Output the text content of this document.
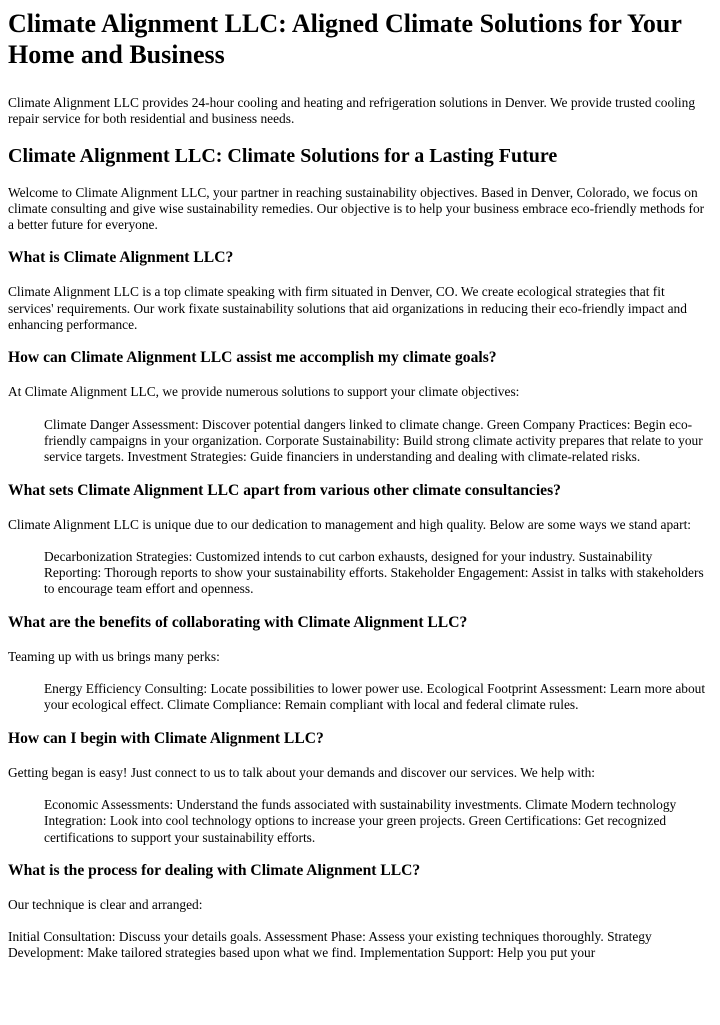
Climate Alignment LLC: Aligned Climate Solutions for Your Home and Business

Climate Alignment LLC provides 24-hour cooling and heating and refrigeration solutions in Denver. We provide trusted cooling repair service for both residential and business needs.

Climate Alignment LLC: Climate Solutions for a Lasting Future

Welcome to Climate Alignment LLC, your partner in reaching sustainability objectives. Based in Denver, Colorado, we focus on climate consulting and give wise sustainability remedies. Our objective is to help your business embrace eco-friendly methods for a better future for everyone.

What is Climate Alignment LLC?

Climate Alignment LLC is a top climate speaking with firm situated in Denver, CO. We create ecological strategies that fit services' requirements. Our work fixate sustainability solutions that aid organizations in reducing their eco-friendly impact and enhancing performance.

How can Climate Alignment LLC assist me accomplish my climate goals?

At Climate Alignment LLC, we provide numerous solutions to support your climate objectives:

Climate Danger Assessment: Discover potential dangers linked to climate change. Green Company Practices: Begin eco-friendly campaigns in your organization. Corporate Sustainability: Build strong climate activity prepares that relate to your service targets. Investment Strategies: Guide financiers in understanding and dealing with climate-related risks.
What sets Climate Alignment LLC apart from various other climate consultancies?

Climate Alignment LLC is unique due to our dedication to management and high quality. Below are some ways we stand apart:

Decarbonization Strategies: Customized intends to cut carbon exhausts, designed for your industry. Sustainability Reporting: Thorough reports to show your sustainability efforts. Stakeholder Engagement: Assist in talks with stakeholders to encourage team effort and openness.
What are the benefits of collaborating with Climate Alignment LLC?

Teaming up with us brings many perks:

Energy Efficiency Consulting: Locate possibilities to lower power use. Ecological Footprint Assessment: Learn more about your ecological effect. Climate Compliance: Remain compliant with local and federal climate rules.
How can I begin with Climate Alignment LLC?

Getting began is easy! Just connect to us to talk about your demands and discover our services. We help with:

Economic Assessments: Understand the funds associated with sustainability investments. Climate Modern technology Integration: Look into cool technology options to increase your green projects. Green Certifications: Get recognized certifications to support your sustainability efforts.
What is the process for dealing with Climate Alignment LLC?

Our technique is clear and arranged:

Initial Consultation: Discuss your details goals. Assessment Phase: Assess your existing techniques thoroughly. Strategy Development: Make tailored strategies based upon what we find. Implementation Support: Help you put your
